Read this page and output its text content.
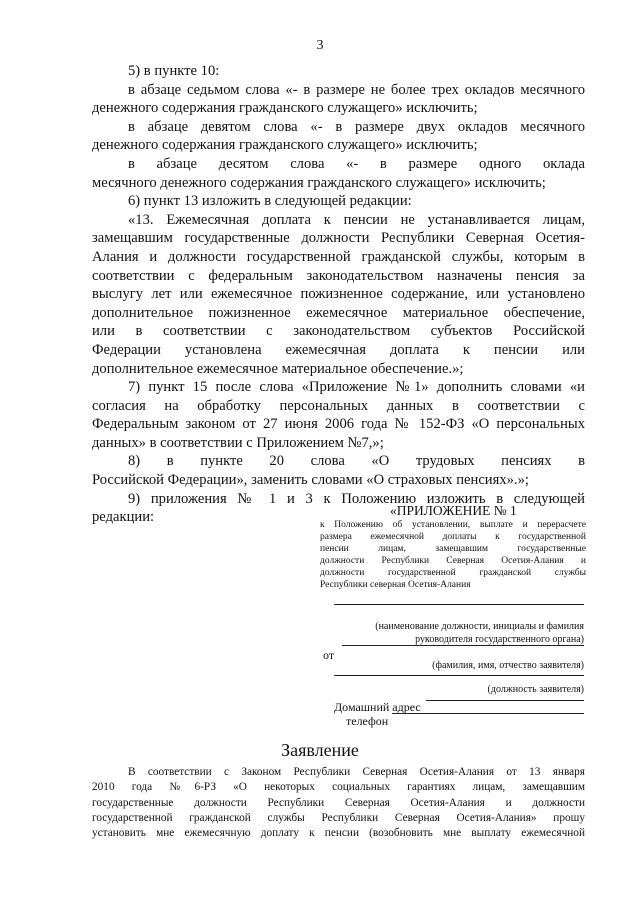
3

5) в пункте 10:

в абзаце седьмом слова «- в размере не более трех окладов месячного

денежного содержания гражданского служащего» исключить;

в абзаце девятом слова «- в размере двух окладов месячного

денежного содержания гражданского служащего» исключить;

в абзаце десятом слова «- в размере одного оклада

месячного денежного содержания гражданского служащего» исключить;

6) пункт 13 изложить в следующей редакции:

«13. Ежемесячная доплата к пенсии не устанавливается лицам,

замещавшим государственные должности Республики Северная Осетия-

Алания и должности государственной гражданской службы, которым в

соответствии с федеральным законодательством назначены пенсия за

выслугу лет или ежемесячное пожизненное содержание, или установлено

дополнительное пожизненное ежемесячное материальное обеспечение,

или в соответствии с законодательством субъектов Российской

Федерации установлена ежемесячная доплата к пенсии или

дополнительное ежемесячное материальное обеспечение.»;

7) пункт 15 после слова «Приложение №1» дополнить словами «и

согласия на обработку персональных данных в соответствии с

Федеральным законом от 27 июня 2006 года № 152-ФЗ «О персональных

данных» в соответствии с Приложением №7,»;

8) в пункте 20 слова «О трудовых пенсиях в

Российской Федерации», заменить словами «О страховых пенсиях».»;

9) приложения № 1 и 3 к Положению изложить в следующей

редакции:	«ПРИЛОЖЕНИЕ № 1

к Положению об установлении, выплате и перерасчете

размера ежемесячной доплаты к государственной

пенсии лицам, замещавшим государственные

должности Республики Северная Осетия-Алания и

должности государственной гражданской службы

Республики северная Осетия-Алания

(наименование должности, инициалы и фамилия
руководителя государственного органа)
от
(фамилия, имя, отчество заявителя)
(должность заявителя)
Домашний адрес
телефон
Заявление

В соответствии с Законом Республики Северная Осетия-Алания от 13 января

2010 года №6-РЗ «О некоторых социальных гарантиях лицам, замещавшим

государственные должности Республики Северная Осетия-Алания и должности

государственной гражданской службы Республики Северная Осетия-Алания» прошу

установить мне ежемесячную доплату к пенсии (возобновить мне выплату ежемесячной
